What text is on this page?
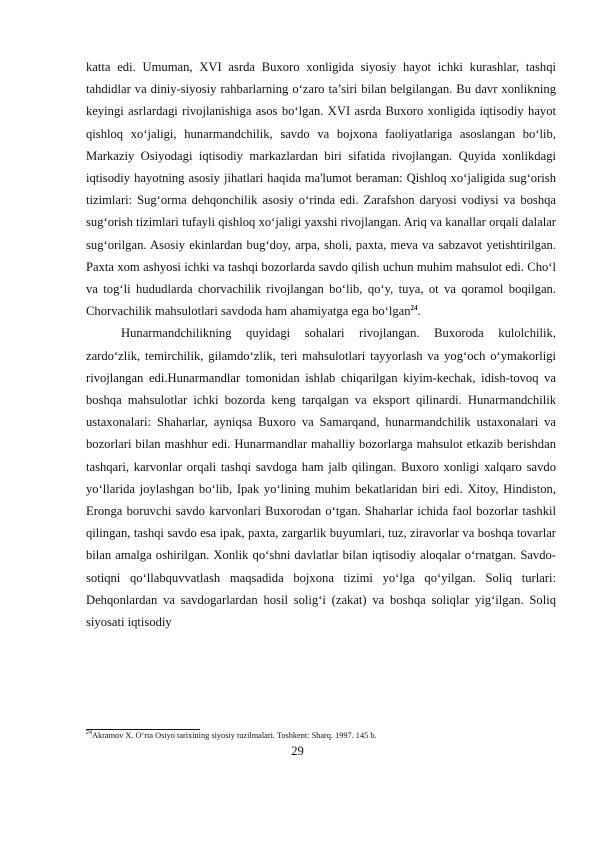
katta edi. Umuman, XVI asrda Buxoro xonligida siyosiy hayot ichki kurashlar, tashqi tahdidlar va diniy-siyosiy rahbarlarning o‘zaro ta’siri bilan belgilangan. Bu davr xonlikning keyingi asrlardagi rivojlanishiga asos bo‘lgan. XVI asrda Buxoro xonligida iqtisodiy hayot qishloq xo‘jaligi, hunarmandchilik, savdo va bojxona faoliyatlariga asoslangan bo‘lib, Markaziy Osiyodagi iqtisodiy markazlardan biri sifatida rivojlangan. Quyida xonlikdagi iqtisodiy hayotning asosiy jihatlari haqida ma'lumot beraman: Qishloq xo‘jaligida sug‘orish tizimlari: Sug‘orma dehqonchilik asosiy o‘rinda edi. Zarafshon daryosi vodiysi va boshqa sug‘orish tizimlari tufayli qishloq xo‘jaligi yaxshi rivojlangan. Ariq va kanallar orqali dalalar sug‘orilgan. Asosiy ekinlardan bug‘doy, arpa, sholi, paxta, meva va sabzavot yetishtirilgan. Paxta xom ashyosi ichki va tashqi bozorlarda savdo qilish uchun muhim mahsulot edi. Cho‘l va tog‘li hududlarda chorvachilik rivojlangan bo‘lib, qo‘y, tuya, ot va qoramol boqilgan. Chorvachilik mahsulotlari savdoda ham ahamiyatga ega bo‘lgan$^{24}$.

Hunarmandchilikning quyidagi sohalari rivojlangan. Buxoroda kulolchilik, zardo‘zlik, temirchilik, gilamdo‘zlik, teri mahsulotlari tayyorlash va yog‘och o‘ymakorligi rivojlangan edi.Hunarmandlar tomonidan ishlab chiqarilgan kiyim-kechak, idish-tovoq va boshqa mahsulotlar ichki bozorda keng tarqalgan va eksport qilinardi. Hunarmandchilik ustaxonalari: Shaharlar, ayniqsa Buxoro va Samarqand, hunarmandchilik ustaxonalari va bozorlari bilan mashhur edi. Hunarmandlar mahalliy bozorlarga mahsulot etkazib berishdan tashqari, karvonlar orqali tashqi savdoga ham jalb qilingan. Buxoro xonligi xalqaro savdo yo‘llarida joylashgan bo‘lib, Ipak yo‘lining muhim bekatlaridan biri edi. Xitoy, Hindiston, Eronga boruvchi savdo karvonlari Buxorodan o‘tgan. Shaharlar ichida faol bozorlar tashkil qilingan, tashqi savdo esa ipak, paxta, zargarlik buyumlari, tuz, ziravorlar va boshqa tovarlar bilan amalga oshirilgan. Xonlik qo‘shni davlatlar bilan iqtisodiy aloqalar o‘rnatgan. Savdo-sotiqni qo‘llabquvvatlash maqsadida bojxona tizimi yo‘lga qo‘yilgan. Soliq turlari: Dehqonlardan va savdogarlardan hosil solig‘i (zakat) va boshqa soliqlar yig‘ilgan. Soliq siyosati iqtisodiy

$^{24}$Akramov X. O‘rta Osiyo tarixining siyosiy tuzilmalari. Toshkent: Sharq. 1997. 145 b.
29
